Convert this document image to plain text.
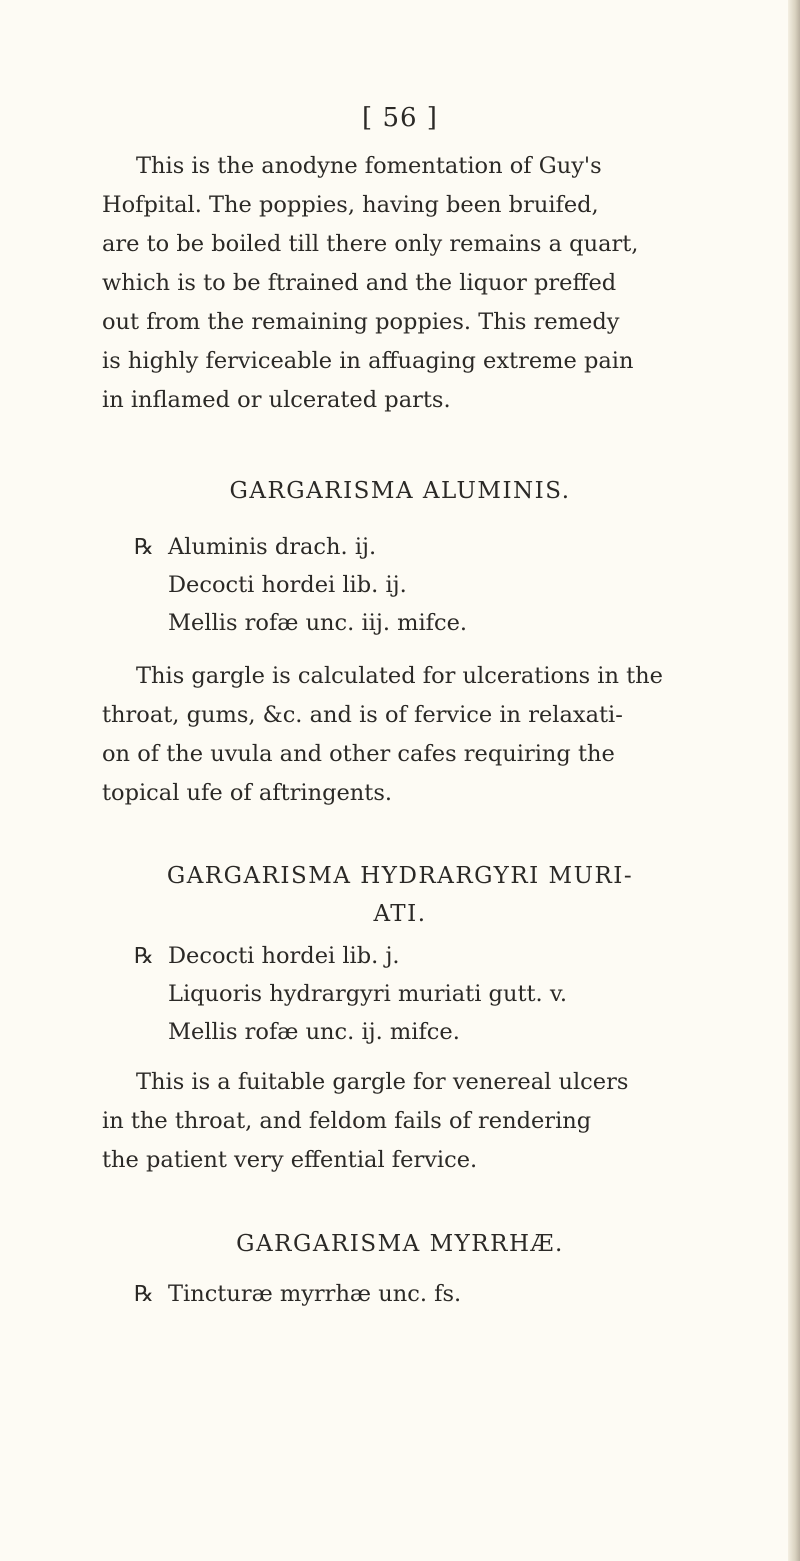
[ 56 ]

This is the anodyne fomentation of Guy's
Hofpital. The poppies, having been bruifed,
are to be boiled till there only remains a quart,
which is to be ftrained and the liquor preffed
out from the remaining poppies. This remedy
is highly ferviceable in affuaging extreme pain
in inflamed or ulcerated parts.

GARGARISMA ALUMINIS.
℞ Aluminis drach. ij.
Decocti hordei lib. ij.
Mellis rofæ unc. iij. mifce.

This gargle is calculated for ulcerations in the
throat, gums, &c. and is of fervice in relaxati-
on of the uvula and other cafes requiring the
topical ufe of aftringents.

GARGARISMA HYDRARGYRI MURI-
ATI.
℞ Decocti hordei lib. j.
Liquoris hydrargyri muriati gutt. v.
Mellis rofæ unc. ij. mifce.

This is a fuitable gargle for venereal ulcers
in the throat, and feldom fails of rendering
the patient very effential fervice.

GARGARISMA MYRRHÆ.
℞ Tincturæ myrrhæ unc. fs.
